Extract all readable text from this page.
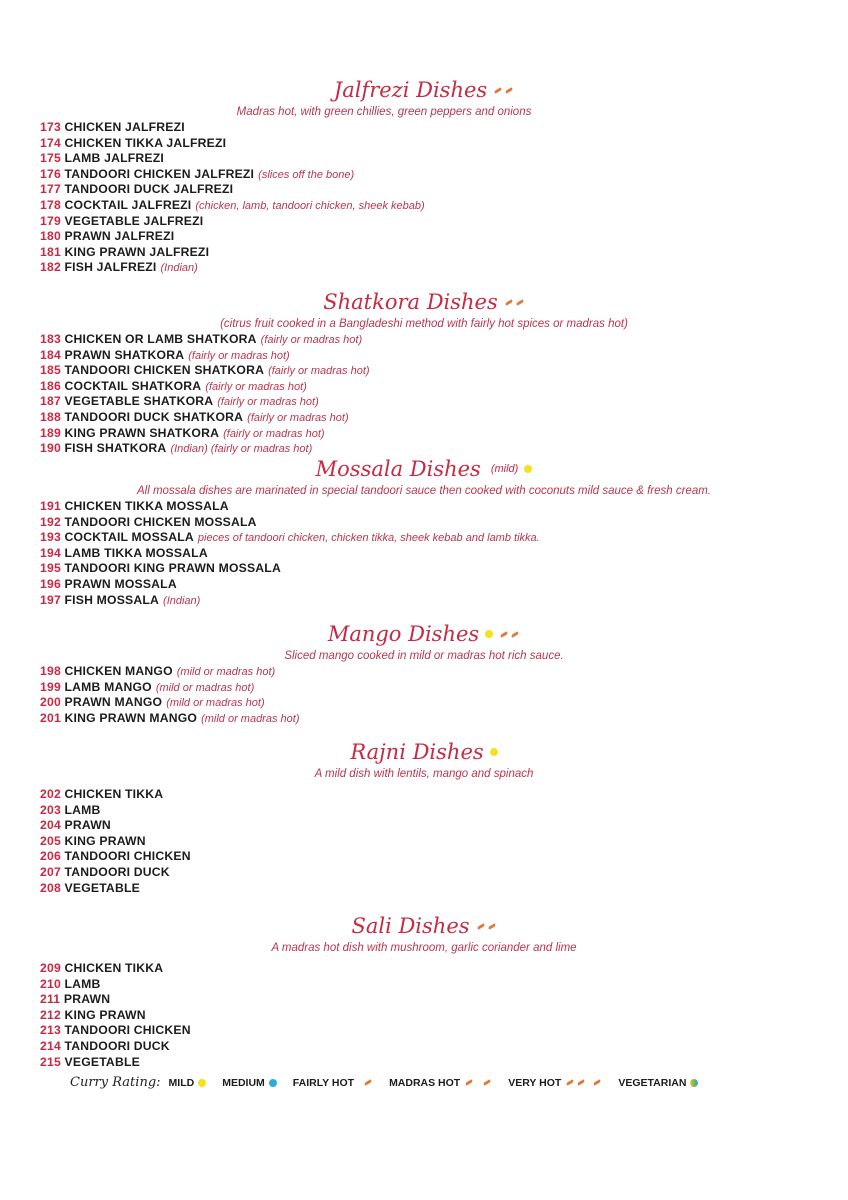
Jalfrezi Dishes
Madras hot, with green chillies, green peppers and onions
173 CHICKEN JALFREZI
174 CHICKEN TIKKA JALFREZI
175 LAMB JALFREZI
176 TANDOORI CHICKEN JALFREZI (slices off the bone)
177 TANDOORI DUCK JALFREZI
178 COCKTAIL JALFREZI (chicken, lamb, tandoori chicken, sheek kebab)
179 VEGETABLE JALFREZI
180 PRAWN JALFREZI
181 KING PRAWN JALFREZI
182 FISH JALFREZI (Indian)
Shatkora Dishes
(citrus fruit cooked in a Bangladeshi method with fairly hot spices or madras hot)
183 CHICKEN OR LAMB SHATKORA (fairly or madras hot)
184 PRAWN SHATKORA (fairly or madras hot)
185 TANDOORI CHICKEN SHATKORA (fairly or madras hot)
186 COCKTAIL SHATKORA (fairly or madras hot)
187 VEGETABLE SHATKORA (fairly or madras hot)
188 TANDOORI DUCK SHATKORA (fairly or madras hot)
189 KING PRAWN SHATKORA (fairly or madras hot)
190 FISH SHATKORA (Indian) (fairly or madras hot)
Mossala Dishes (mild)
All mossala dishes are marinated in special tandoori sauce then cooked with coconuts mild sauce & fresh cream.
191 CHICKEN TIKKA MOSSALA
192 TANDOORI CHICKEN MOSSALA
193 COCKTAIL MOSSALA pieces of tandoori chicken, chicken tikka, sheek kebab and lamb tikka.
194 LAMB TIKKA MOSSALA
195 TANDOORI KING PRAWN MOSSALA
196 PRAWN MOSSALA
197 FISH MOSSALA (Indian)
Mango Dishes
Sliced mango cooked in mild or madras hot rich sauce.
198 CHICKEN MANGO (mild or madras hot)
199 LAMB MANGO (mild or madras hot)
200 PRAWN MANGO (mild or madras hot)
201 KING PRAWN MANGO (mild or madras hot)
Rajni Dishes
A mild dish with lentils, mango and spinach
202 CHICKEN TIKKA
203 LAMB
204 PRAWN
205 KING PRAWN
206 TANDOORI CHICKEN
207 TANDOORI DUCK
208 VEGETABLE
Sali Dishes
A madras hot dish with mushroom, garlic coriander and lime
209 CHICKEN TIKKA
210 LAMB
211 PRAWN
212 KING PRAWN
213 TANDOORI CHICKEN
214 TANDOORI DUCK
215 VEGETABLE
Curry Rating: MILD	MEDIUM	FAIRLY HOT	MADRAS HOT	VERY HOT	VEGETARIAN
